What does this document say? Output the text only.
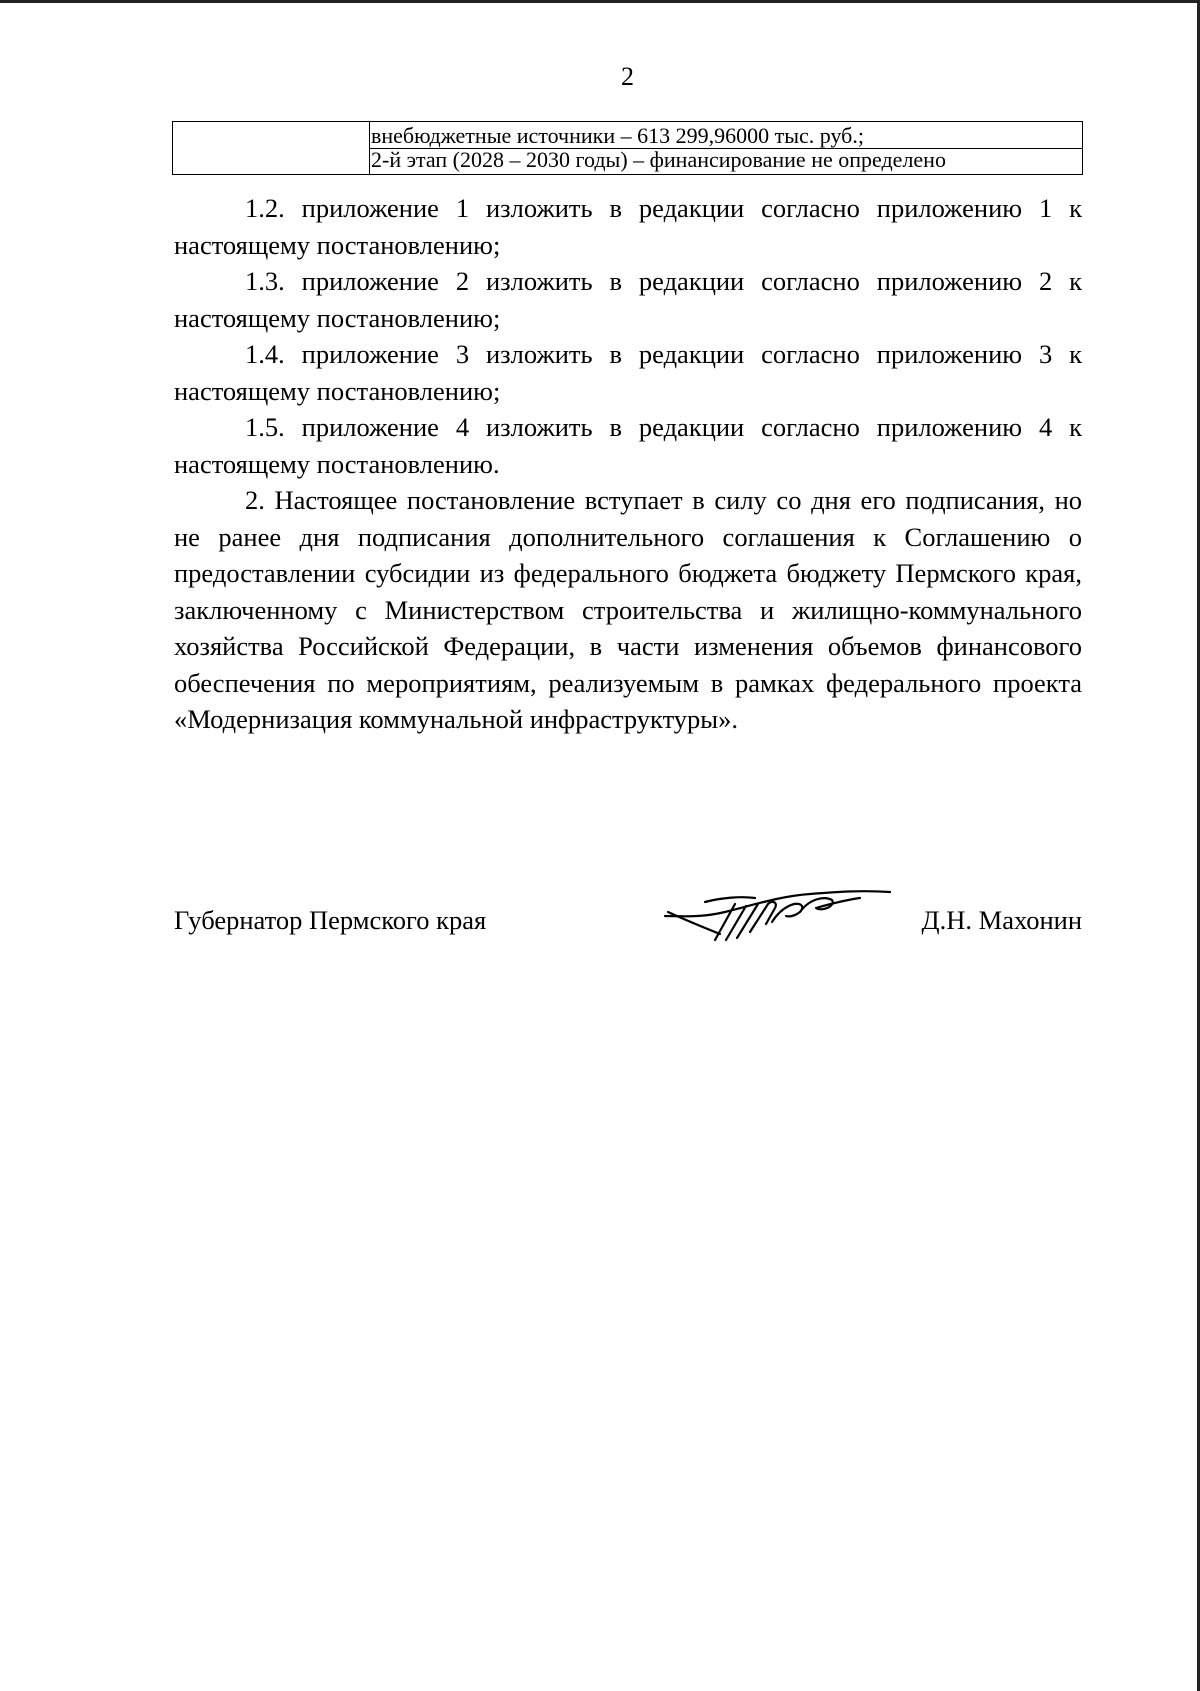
2
внебюджетные источники – 613 299,96000 тыс. руб.;
2-й этап (2028 – 2030 годы) – финансирование не определено

1.2. приложение 1 изложить в редакции согласно приложению 1 к настоящему постановлению;

1.3. приложение 2 изложить в редакции согласно приложению 2 к настоящему постановлению;

1.4. приложение 3 изложить в редакции согласно приложению 3 к настоящему постановлению;

1.5. приложение 4 изложить в редакции согласно приложению 4 к настоящему постановлению.

2. Настоящее постановление вступает в силу со дня его подписания, но не ранее дня подписания дополнительного соглашения к Соглашению о предоставлении субсидии из федерального бюджета бюджету Пермского края, заключенному с Министерством строительства и жилищно-коммунального хозяйства Российской Федерации, в части изменения объемов финансового обеспечения по мероприятиям, реализуемым в рамках федерального проекта «Модернизация коммунальной инфраструктуры».

Губернатор Пермского края	Д.Н. Махонин
